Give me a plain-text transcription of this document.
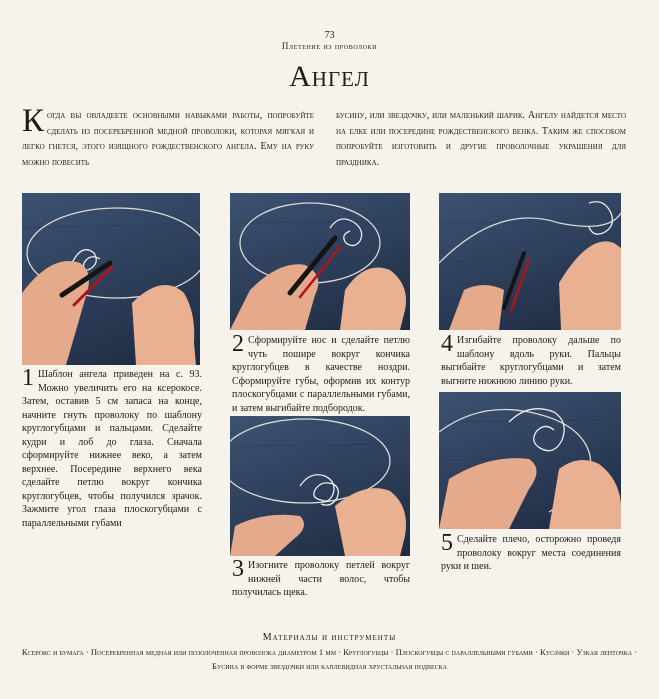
73
Плетение из проволоки
Ангел
Когда вы овладеете основными навыками работы, попробуйте сделать из посеребренной медной проволоки, которая мягкая и легко гнется, этого изящного рождественского ангела. Ему на руку можно повесить
бусину, или звездочку, или маленький шарик. Ангелу найдется место на елке или посередине рождественского венка. Таким же способом попробуйте изготовить и другие проволочные украшения для праздника.
1 Шаблон ангела приведен на с. 93. Можно увеличить его на ксерокосе. Затем, оставив 5 см запаса на конце, начните гнуть проволоку по шаблону круглогубцами и пальцами. Сделайте кудри и лоб до глаза. Сначала сформируйте нижнее веко, а затем верхнее. Посередине верхнего века сделайте петлю вокруг кончика круглогубцев, чтобы получился зрачок. Зажмите угол глаза плоскогубцами с параллельными губами
2 Сформируйте нос и сделайте петлю чуть пошире вокруг кончика круглогубцев в качестве ноздри. Сформируйте губы, оформив их контур плоскогубцами с параллельными губами, и затем выгибайте подбородок.
3 Изогните проволоку петлей вокруг нижней части волос, чтобы получилась щека.
4 Изгибайте проволоку дальше по шаблону вдоль руки. Пальцы выгибайте круглогубцами и затем выгните нижнюю линию руки.
5 Сделайте плечо, осторожно проведя проволоку вокруг места соединения руки и шеи.
Материалы и инструменты
Ксерокс и бумага · Посеребренная медная или позолоченная проволока диаметром 1 мм · Круглогубцы · Плоскогубцы с параллельными губами · Кусачки · Узкая ленточка · Бусина в форме звездочки или каплевидная хрустальная подвеска
